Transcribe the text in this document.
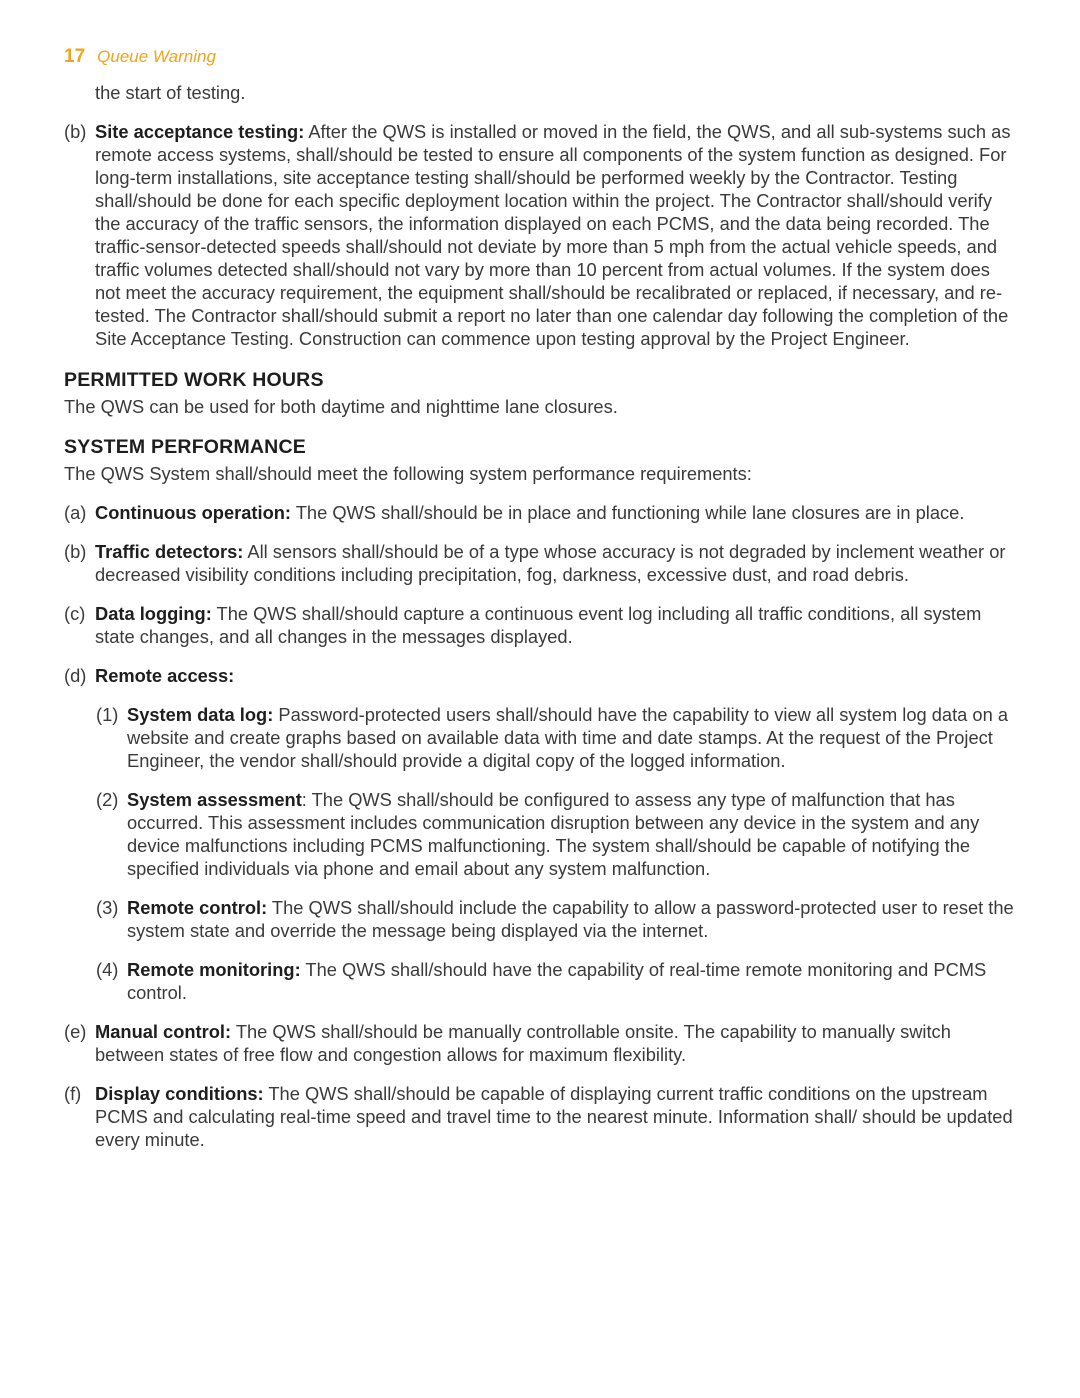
17 Queue Warning

the start of testing.

(b) Site acceptance testing: After the QWS is installed or moved in the field, the QWS, and all sub-systems such as remote access systems, shall/should be tested to ensure all components of the system function as designed. For long-term installations, site acceptance testing shall/should be performed weekly by the Contractor. Testing shall/should be done for each specific deployment location within the project. The Contractor shall/should verify the accuracy of the traffic sensors, the information displayed on each PCMS, and the data being recorded. The traffic-sensor-detected speeds shall/should not deviate by more than 5 mph from the actual vehicle speeds, and traffic volumes detected shall/should not vary by more than 10 percent from actual volumes. If the system does not meet the accuracy requirement, the equipment shall/should be recalibrated or replaced, if necessary, and re-tested. The Contractor shall/should submit a report no later than one calendar day following the completion of the Site Acceptance Testing. Construction can commence upon testing approval by the Project Engineer.
PERMITTED WORK HOURS

The QWS can be used for both daytime and nighttime lane closures.

SYSTEM PERFORMANCE

The QWS System shall/should meet the following system performance requirements:

(a) Continuous operation: The QWS shall/should be in place and functioning while lane closures are in place.
(b) Traffic detectors: All sensors shall/should be of a type whose accuracy is not degraded by inclement weather or decreased visibility conditions including precipitation, fog, darkness, excessive dust, and road debris.
(c) Data logging: The QWS shall/should capture a continuous event log including all traffic conditions, all system state changes, and all changes in the messages displayed.
(d) Remote access:
(1) System data log: Password-protected users shall/should have the capability to view all system log data on a website and create graphs based on available data with time and date stamps. At the request of the Project Engineer, the vendor shall/should provide a digital copy of the logged information.
(2) System assessment: The QWS shall/should be configured to assess any type of malfunction that has occurred. This assessment includes communication disruption between any device in the system and any device malfunctions including PCMS malfunctioning. The system shall/should be capable of notifying the specified individuals via phone and email about any system malfunction.
(3) Remote control: The QWS shall/should include the capability to allow a password-protected user to reset the system state and override the message being displayed via the internet.
(4) Remote monitoring: The QWS shall/should have the capability of real-time remote monitoring and PCMS control.
(e) Manual control: The QWS shall/should be manually controllable onsite. The capability to manually switch between states of free flow and congestion allows for maximum flexibility.
(f) Display conditions: The QWS shall/should be capable of displaying current traffic conditions on the upstream PCMS and calculating real-time speed and travel time to the nearest minute. Information shall/ should be updated every minute.
